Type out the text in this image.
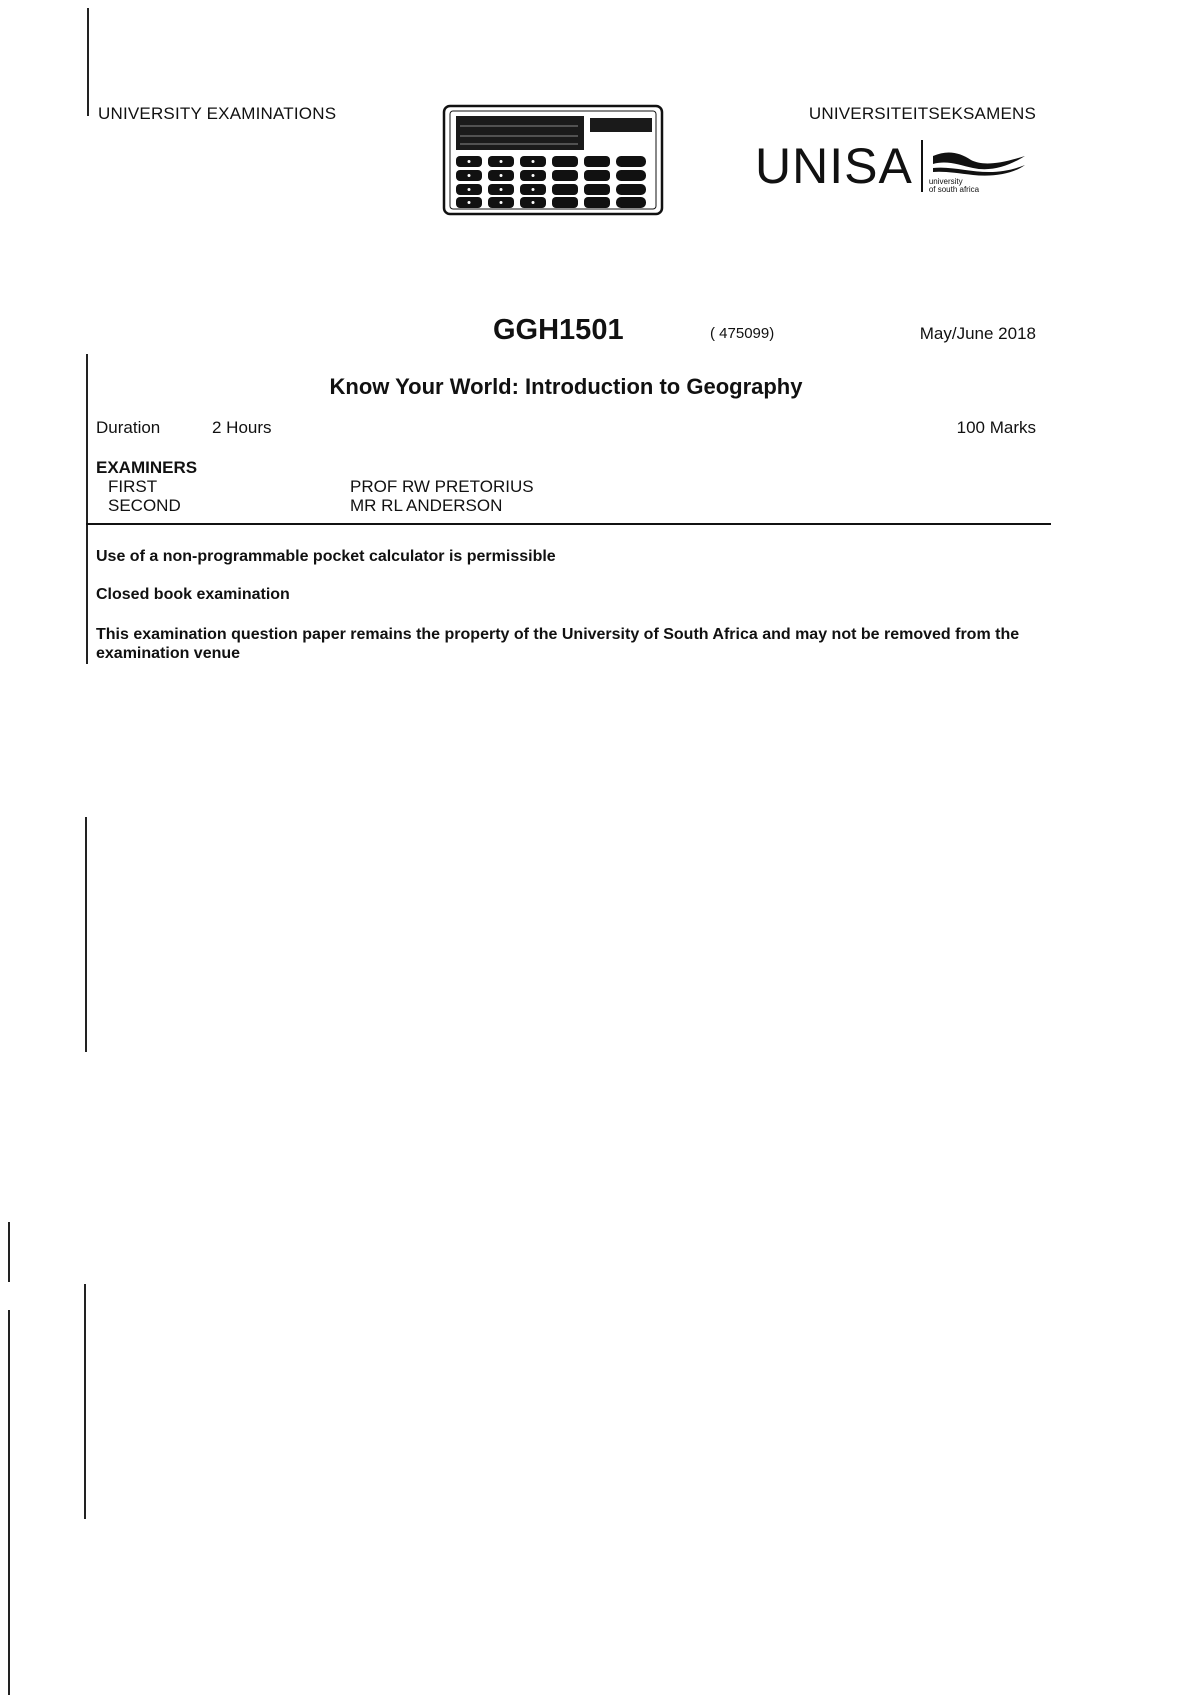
UNIVERSITY EXAMINATIONS	UNIVERSITEITSEKSAMENS
UNISA university
of south africa
GGH1501	( 475099)	May/June 2018
Know Your World: Introduction to Geography
Duration	2 Hours	100 Marks
EXAMINERS
FIRST	PROF RW PRETORIUS
SECOND	MR RL ANDERSON
Use of a non-programmable pocket calculator is permissible
Closed book examination
This examination question paper remains the property of the University of South Africa and may not be removed from the examination venue
